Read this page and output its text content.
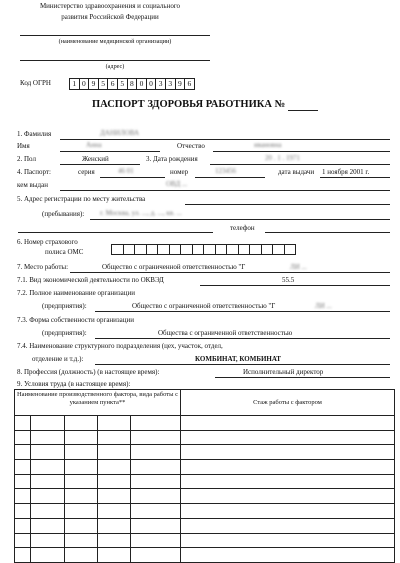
Министерство здравоохранения и социального
развития Российской Федерации
(наименование медицинской организации)
(адрес)
Код ОГРН	1 0 9 5 6 5 8 0 0 3 3 9 6
ПАСПОРТ ЗДОРОВЬЯ РАБОТНИКА №
1. Фамилия	ДАНИЛОВА
Имя	Анна	Отчество	ивановна
2. Пол	Женский	3. Дата рождения	20 . 1 . 1971
4. Паспорт:	серия	46 01	номер	123456	дата выдачи 1 ноября 2001 г.
кем выдан	ОВД ...
5. Адрес регистрации по месту жительства
(пребывания): г. Москва, ул. ..., д. ..., кв. ...
телефон
6. Номер страхового
полиса ОМС
7. Место работы:	Общество с ограниченной ответственностью "Г	ЛИ ...
7.1. Вид экономической деятельности по ОКВЭД	55.5
7.2. Полное наименование организации
(предприятия):	Общество с ограниченной ответственностью "Г	ЛИ ...
7.3. Форма собственности организации
(предприятия):	Общества с ограниченной ответственностью
7.4. Наименование структурного подразделения (цех, участок, отдел,
отделение и т.д.):	КОМБИНАТ, КОМБИНАТ
8. Профессия (должность) (в настоящее время):	Исполнительный директор
9. Условия труда (в настоящее время):
Наименование производственного фактора, вида работы с указанием пункта**					Стаж работы с фактором
